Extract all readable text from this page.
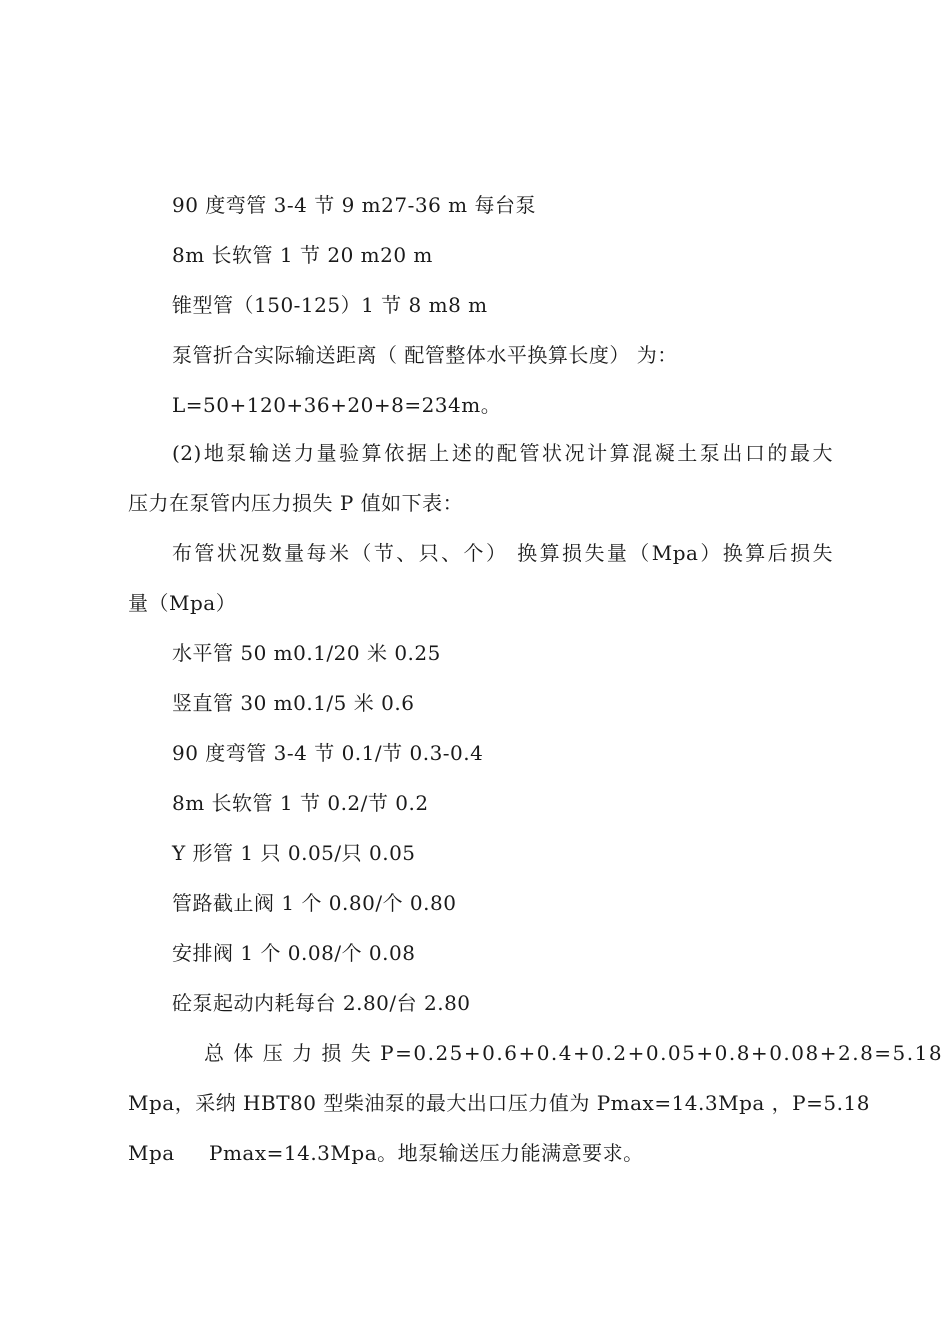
90 度弯管 3-4 节 9 m27-36 m 每台泵
8m 长软管 1 节 20 m20 m
锥型管（150-125）1 节 8 m8 m
泵管折合实际输送距离（ 配管整体水平换算长度） 为：
L=50+120+36+20+8=234m。
(2)地泵输送力量验算依据上述的配管状况计算混凝土泵出口的最大
压力在泵管内压力损失 P 值如下表：
布管状况数量每米（节、只、个） 换算损失量（Mpa）换算后损失
量（Mpa）
水平管 50 m0.1/20 米 0.25
竖直管 30 m0.1/5 米 0.6
90 度弯管 3-4 节 0.1/节 0.3-0.4
8m 长软管 1 节 0.2/节 0.2
Y 形管 1 只 0.05/只 0.05
管路截止阀 1 个 0.80/个 0.80
安排阀 1 个 0.08/个 0.08
砼泵起动内耗每台 2.80/台 2.80
总 体 压 力 损 失 P=0.25+0.6+0.4+0.2+0.05+0.8+0.08+2.8=5.18
Mpa，采纳 HBT80 型柴油泵的最大出口压力值为 Pmax=14.3Mpa ，P=5.18
Mpa     Pmax=14.3Mpa。地泵输送压力能满意要求。
